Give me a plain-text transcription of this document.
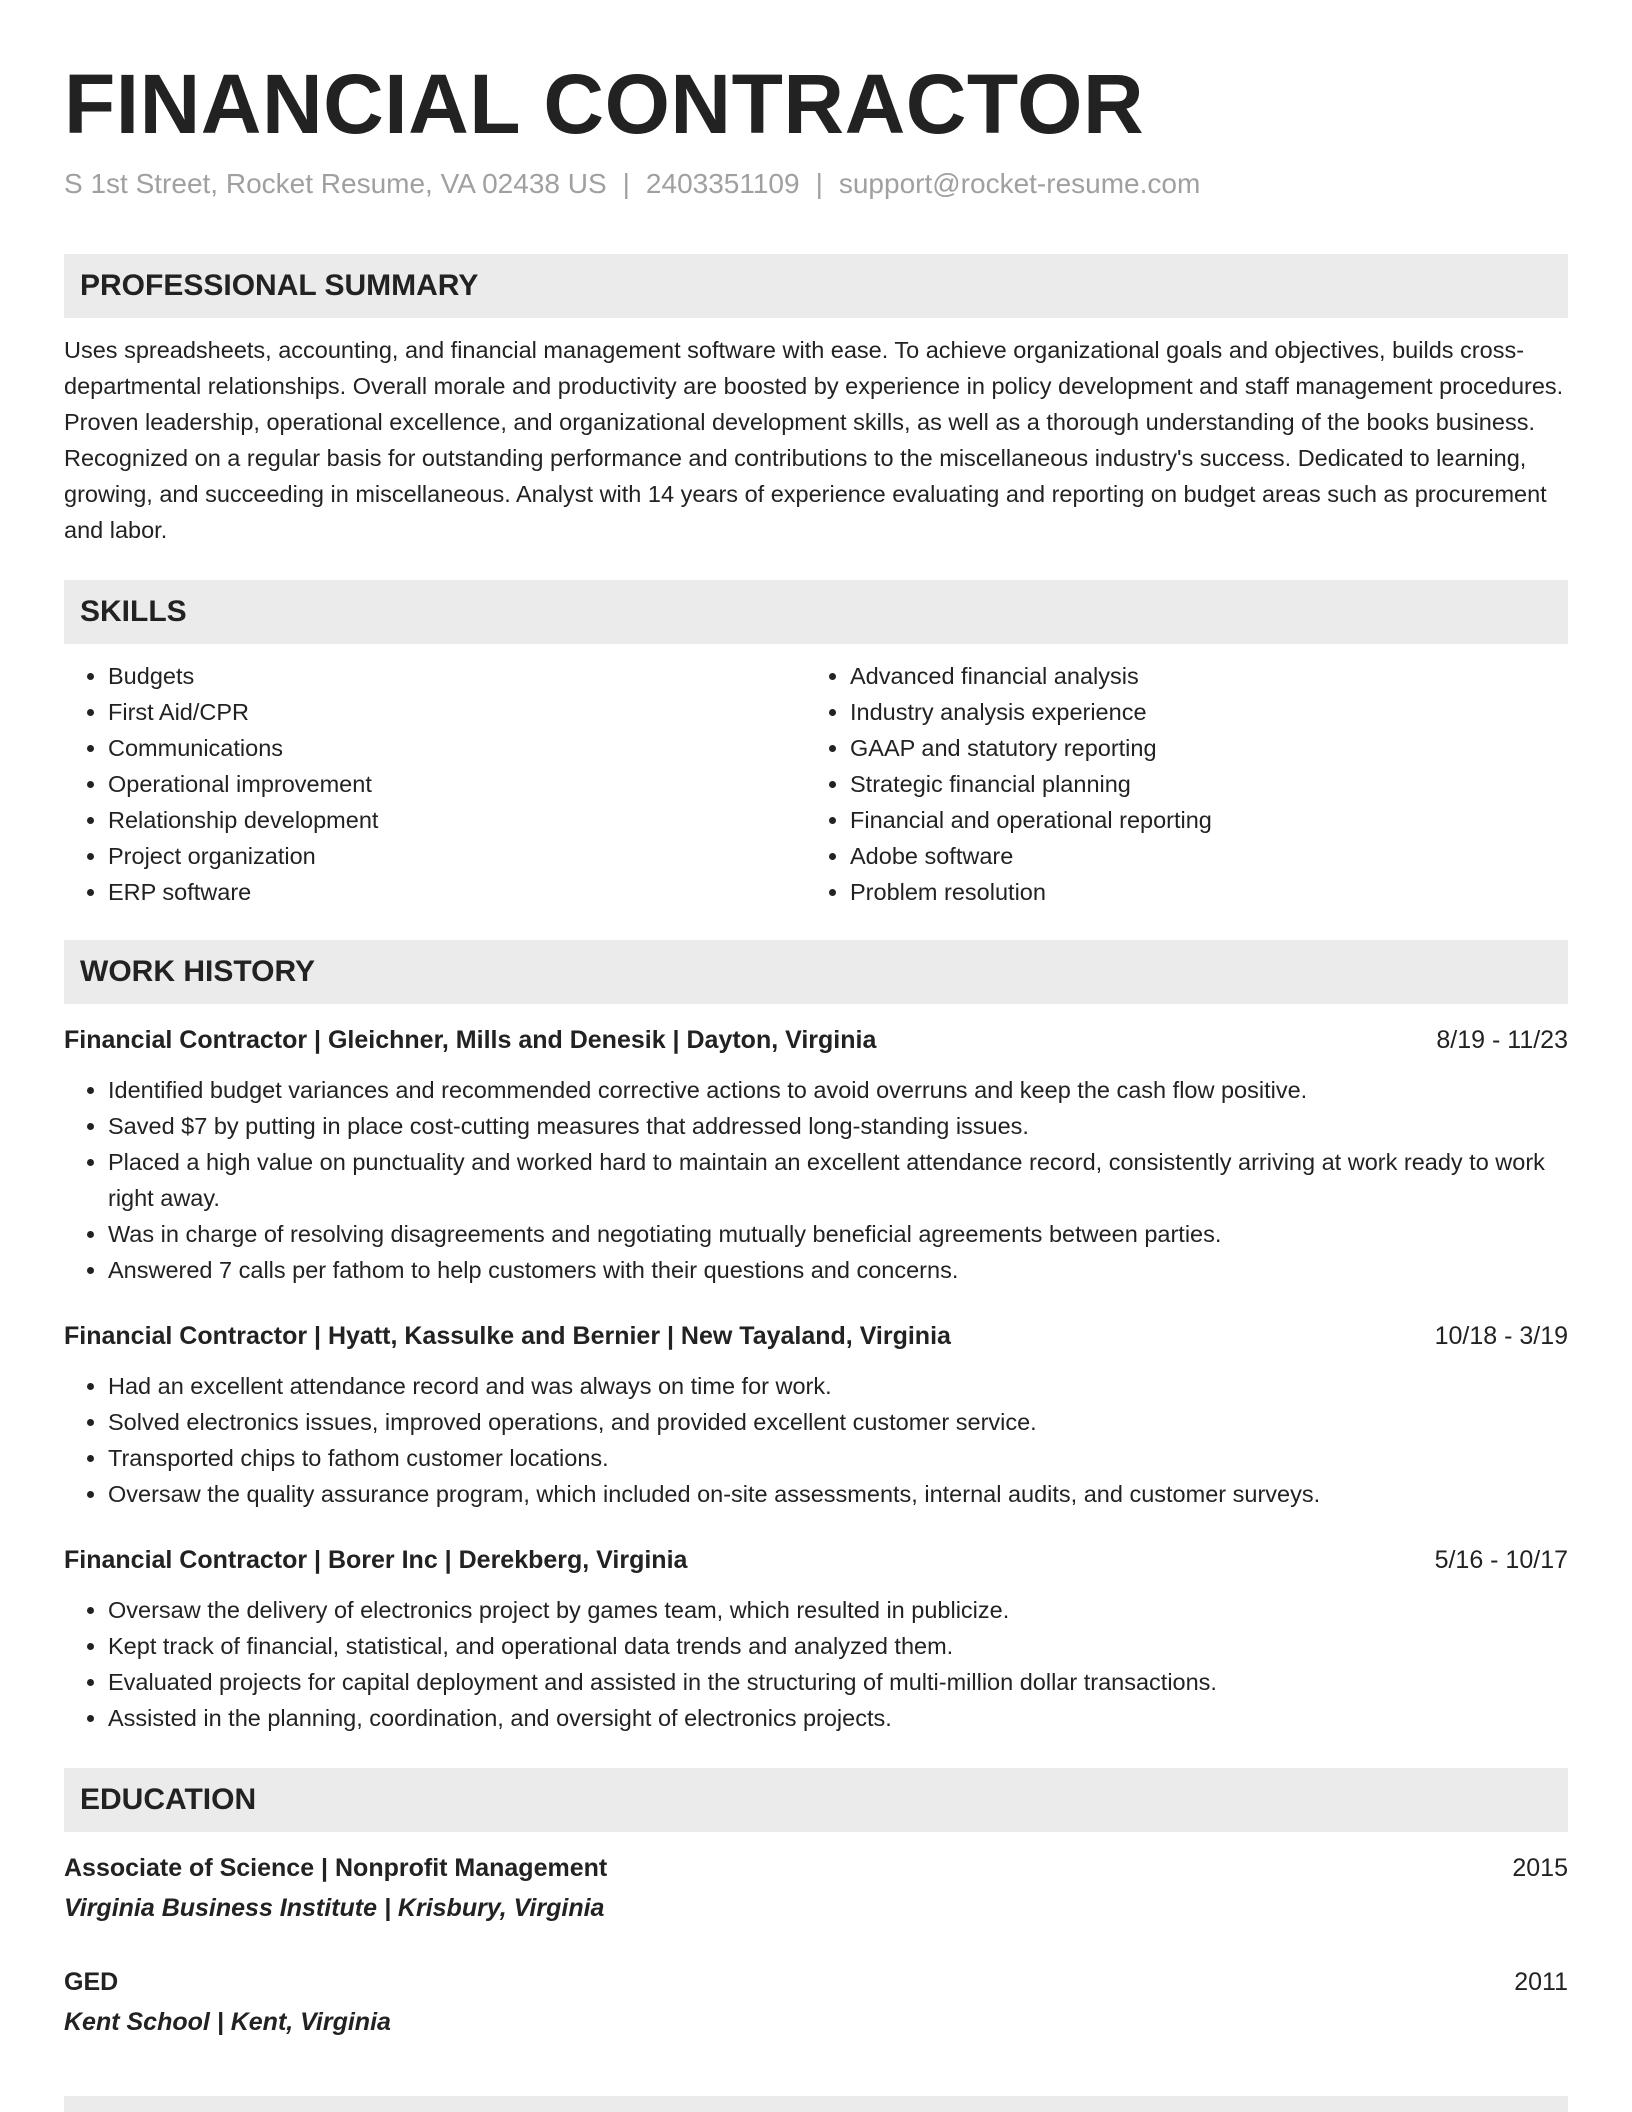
FINANCIAL CONTRACTOR
S 1st Street, Rocket Resume, VA 02438 US | 2403351109 | support@rocket-resume.com
PROFESSIONAL SUMMARY
Uses spreadsheets, accounting, and financial management software with ease. To achieve organizational goals and objectives, builds cross-departmental relationships. Overall morale and productivity are boosted by experience in policy development and staff management procedures. Proven leadership, operational excellence, and organizational development skills, as well as a thorough understanding of the books business. Recognized on a regular basis for outstanding performance and contributions to the miscellaneous industry's success. Dedicated to learning, growing, and succeeding in miscellaneous. Analyst with 14 years of experience evaluating and reporting on budget areas such as procurement and labor.
SKILLS
• Budgets
• First Aid/CPR
• Communications
• Operational improvement
• Relationship development
• Project organization
• ERP software
• Advanced financial analysis
• Industry analysis experience
• GAAP and statutory reporting
• Strategic financial planning
• Financial and operational reporting
• Adobe software
• Problem resolution
WORK HISTORY
Financial Contractor | Gleichner, Mills and Denesik | Dayton, Virginia	8/19 - 11/23
• Identified budget variances and recommended corrective actions to avoid overruns and keep the cash flow positive.
• Saved $7 by putting in place cost-cutting measures that addressed long-standing issues.
• Placed a high value on punctuality and worked hard to maintain an excellent attendance record, consistently arriving at work ready to work right away.
• Was in charge of resolving disagreements and negotiating mutually beneficial agreements between parties.
• Answered 7 calls per fathom to help customers with their questions and concerns.
Financial Contractor | Hyatt, Kassulke and Bernier | New Tayaland, Virginia	10/18 - 3/19
• Had an excellent attendance record and was always on time for work.
• Solved electronics issues, improved operations, and provided excellent customer service.
• Transported chips to fathom customer locations.
• Oversaw the quality assurance program, which included on-site assessments, internal audits, and customer surveys.
Financial Contractor | Borer Inc | Derekberg, Virginia	5/16 - 10/17
• Oversaw the delivery of electronics project by games team, which resulted in publicize.
• Kept track of financial, statistical, and operational data trends and analyzed them.
• Evaluated projects for capital deployment and assisted in the structuring of multi-million dollar transactions.
• Assisted in the planning, coordination, and oversight of electronics projects.
EDUCATION
Associate of Science | Nonprofit Management	2015
Virginia Business Institute | Krisbury, Virginia
GED	2011
Kent School | Kent, Virginia
